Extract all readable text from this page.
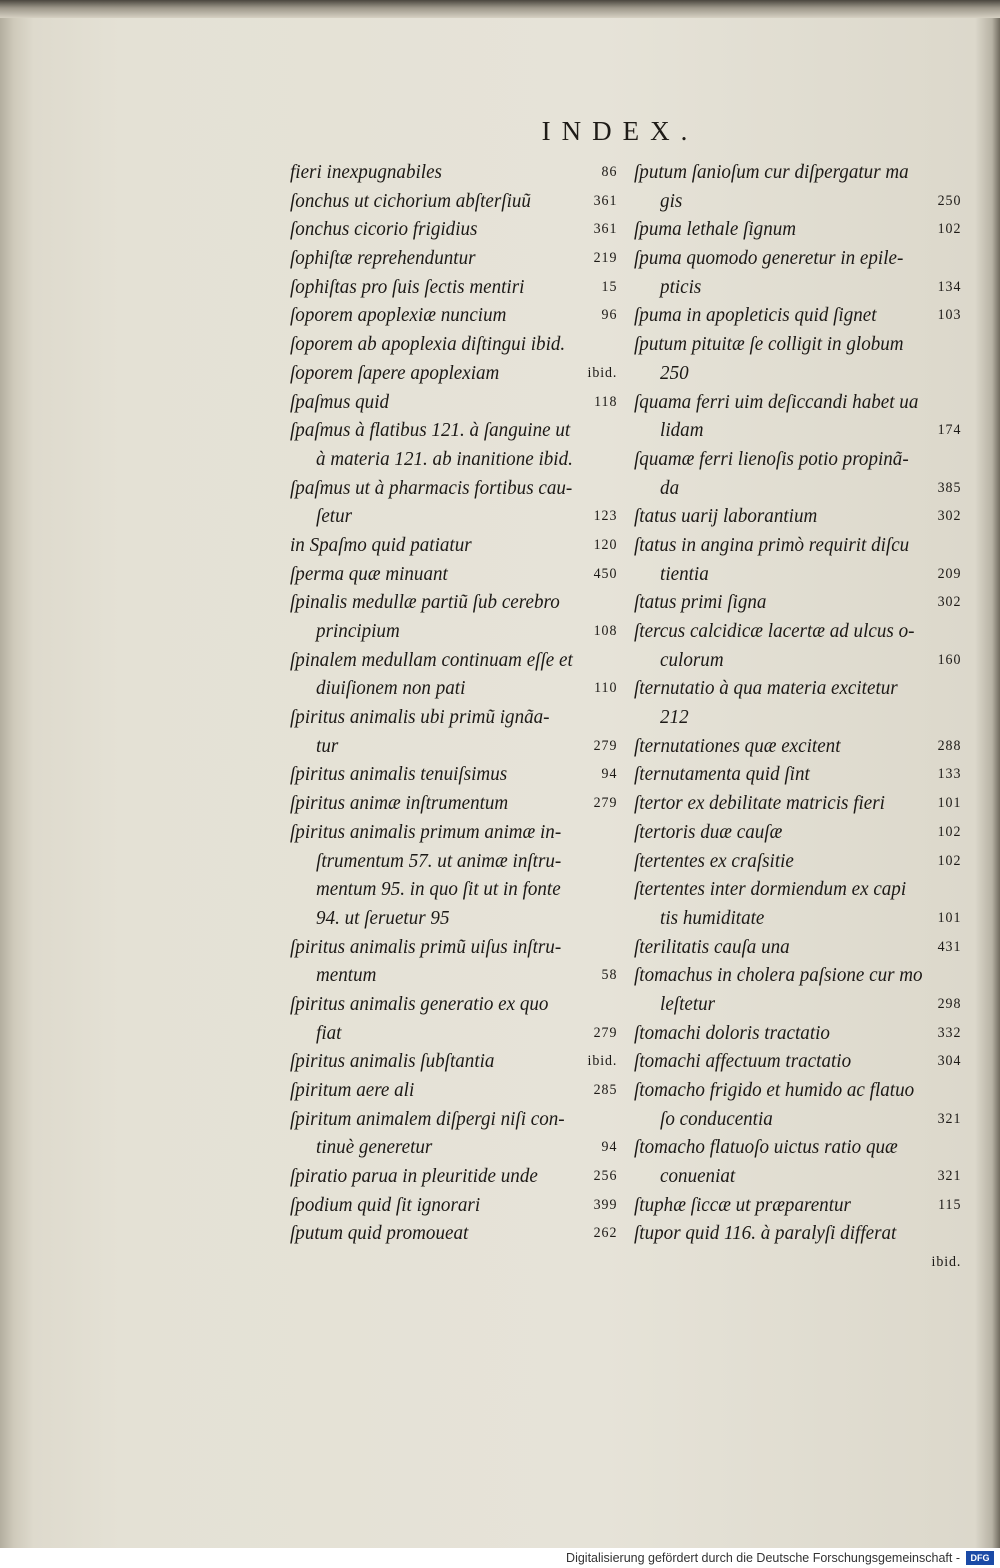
INDEX.
fieri inexpugnabiles	86
ſonchus ut cichorium abſterſiuũ	361
ſonchus cicorio frigidius	361
ſophiſtæ reprehenduntur	219
ſophiſtas pro ſuis ſectis mentiri	15
ſoporem apoplexiæ nuncium	96
ſoporem ab apoplexia diſtingui ibid.
ſoporem ſapere apoplexiam	ibid.
ſpaſmus quid	118
ſpaſmus à flatibus 121. à ſanguine ut
à materia 121. ab inanitione ibid.
ſpaſmus ut à pharmacis fortibus cau-
ſetur	123
in Spaſmo quid patiatur	120
ſperma quæ minuant	450
ſpinalis medullæ partiũ ſub cerebro
principium	108
ſpinalem medullam continuam eſſe et
diuiſionem non pati	110
ſpiritus animalis ubi primũ ignãa-
tur	279
ſpiritus animalis tenuiſsimus	94
ſpiritus animæ inſtrumentum	279
ſpiritus animalis primum animæ in-
ſtrumentum 57. ut animæ inſtru-
mentum 95. in quo ſit ut in fonte
94. ut ſeruetur 95
ſpiritus animalis primũ uiſus inſtru-
mentum	58
ſpiritus animalis generatio ex quo
fiat	279
ſpiritus animalis ſubſtantia	ibid.
ſpiritum aere ali	285
ſpiritum animalem diſpergi niſi con-
tinuè generetur	94
ſpiratio parua in pleuritide unde	256
ſpodium quid ſit ignorari	399
ſputum quid promoueat	262
ſputum ſanioſum cur diſpergatur ma
gis	250
ſpuma lethale ſignum	102
ſpuma quomodo generetur in epile-
pticis	134
ſpuma in apopleticis quid ſignet	103
ſputum pituitæ ſe colligit in globum
250
ſquama ferri uim deſiccandi habet ua
lidam	174
ſquamæ ferri lienoſis potio propinã-
da	385
ſtatus uarij laborantium	302
ſtatus in angina primò requirit diſcu
tientia	209
ſtatus primi ſigna	302
ſtercus calcidicæ lacertæ ad ulcus o-
culorum	160
ſternutatio à qua materia excitetur
212
ſternutationes quæ excitent	288
ſternutamenta quid ſint	133
ſtertor ex debilitate matricis fieri	101
ſtertoris duæ cauſæ	102
ſtertentes ex craſsitie	102
ſtertentes inter dormiendum ex capi
tis humiditate	101
ſterilitatis cauſa una	431
ſtomachus in cholera paſsione cur mo
leſtetur	298
ſtomachi doloris tractatio	332
ſtomachi affectuum tractatio	304
ſtomacho frigido et humido ac flatuo
ſo conducentia	321
ſtomacho flatuoſo uictus ratio quæ
conueniat	321
ſtuphæ ſiccæ ut præparentur	115
ſtupor quid 116. à paralyſi differat
ibid.
Digitalisierung gefördert durch die Deutsche Forschungsgemeinschaft -	DFG
